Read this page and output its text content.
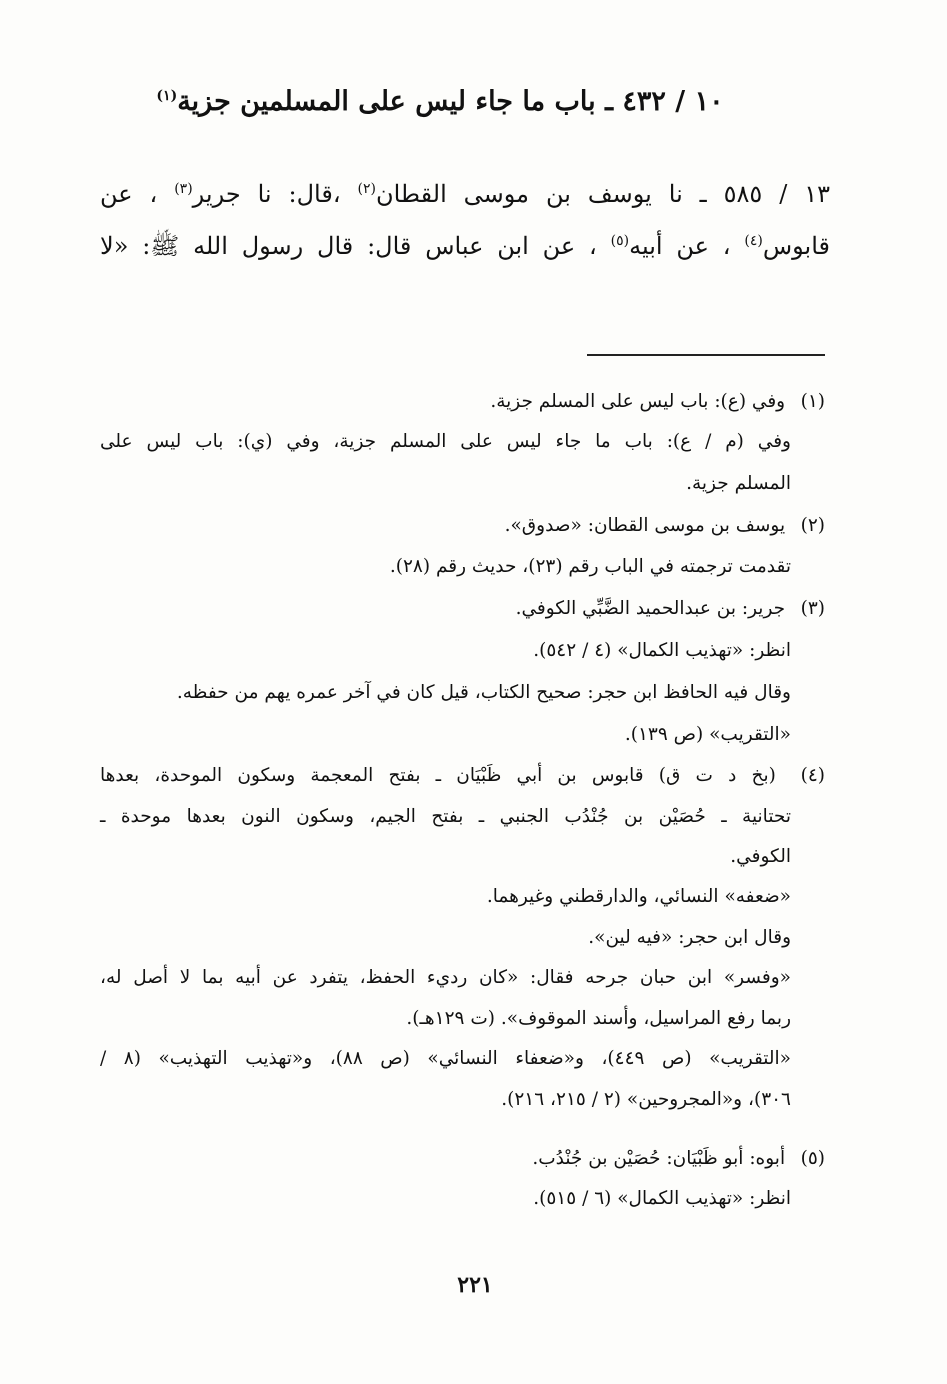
١٠ / ٤٣٢ ـ باب ما جاء ليس على المسلمين جزية$^{(١)}$
١٣ / ٥٨٥ ـ نا يوسف بن موسى القطان$^{(٢)}$ ،قال: نا جرير$^{(٣)}$ ، عن
قابوس$^{(٤)}$ ، عن أبيه$^{(٥)}$ ، عن ابن عباس قال: قال رسول الله ﷺ: «لا
(١) وفي (ع): باب ليس على المسلم جزية.
وفي (م / ع): باب ما جاء ليس على المسلم جزية، وفي (ي): باب ليس على
المسلم جزية.
(٢) يوسف بن موسى القطان: «صدوق».
تقدمت ترجمته في الباب رقم (٢٣)، حديث رقم (٢٨).
(٣) جرير: بن عبدالحميد الضَّبِّي الكوفي.
انظر: «تهذيب الكمال» (٤ / ٥٤٢).
وقال فيه الحافظ ابن حجر: صحيح الكتاب، قيل كان في آخر عمره يهم من حفظه.
«التقريب» (ص ١٣٩).
(٤) (بخ د ت ق) قابوس بن أبي ظَبْيَان ـ بفتح المعجمة وسكون الموحدة، بعدها
تحتانية ـ حُصَيْن بن جُنْدُب الجنبي ـ بفتح الجيم، وسكون النون بعدها موحدة ـ
الكوفي.
«ضعفه» النسائي، والدارقطني وغيرهما.
وقال ابن حجر: «فيه لين».
«وفسر» ابن حبان جرحه فقال: «كان رديء الحفظ، يتفرد عن أبيه بما لا أصل له،
ربما رفع المراسيل، وأسند الموقوف». (ت ١٢٩هـ).
«التقريب» (ص ٤٤٩)، و«ضعفاء النسائي» (ص ٨٨)، و«تهذيب التهذيب» (٨ /
٣٠٦)، و«المجروحين» (٢ / ٢١٥، ٢١٦).
(٥) أبوه: أبو ظَبْيَان: حُصَيْن بن جُنْدُب.
انظر: «تهذيب الكمال» (٦ / ٥١٥).
٢٢١
